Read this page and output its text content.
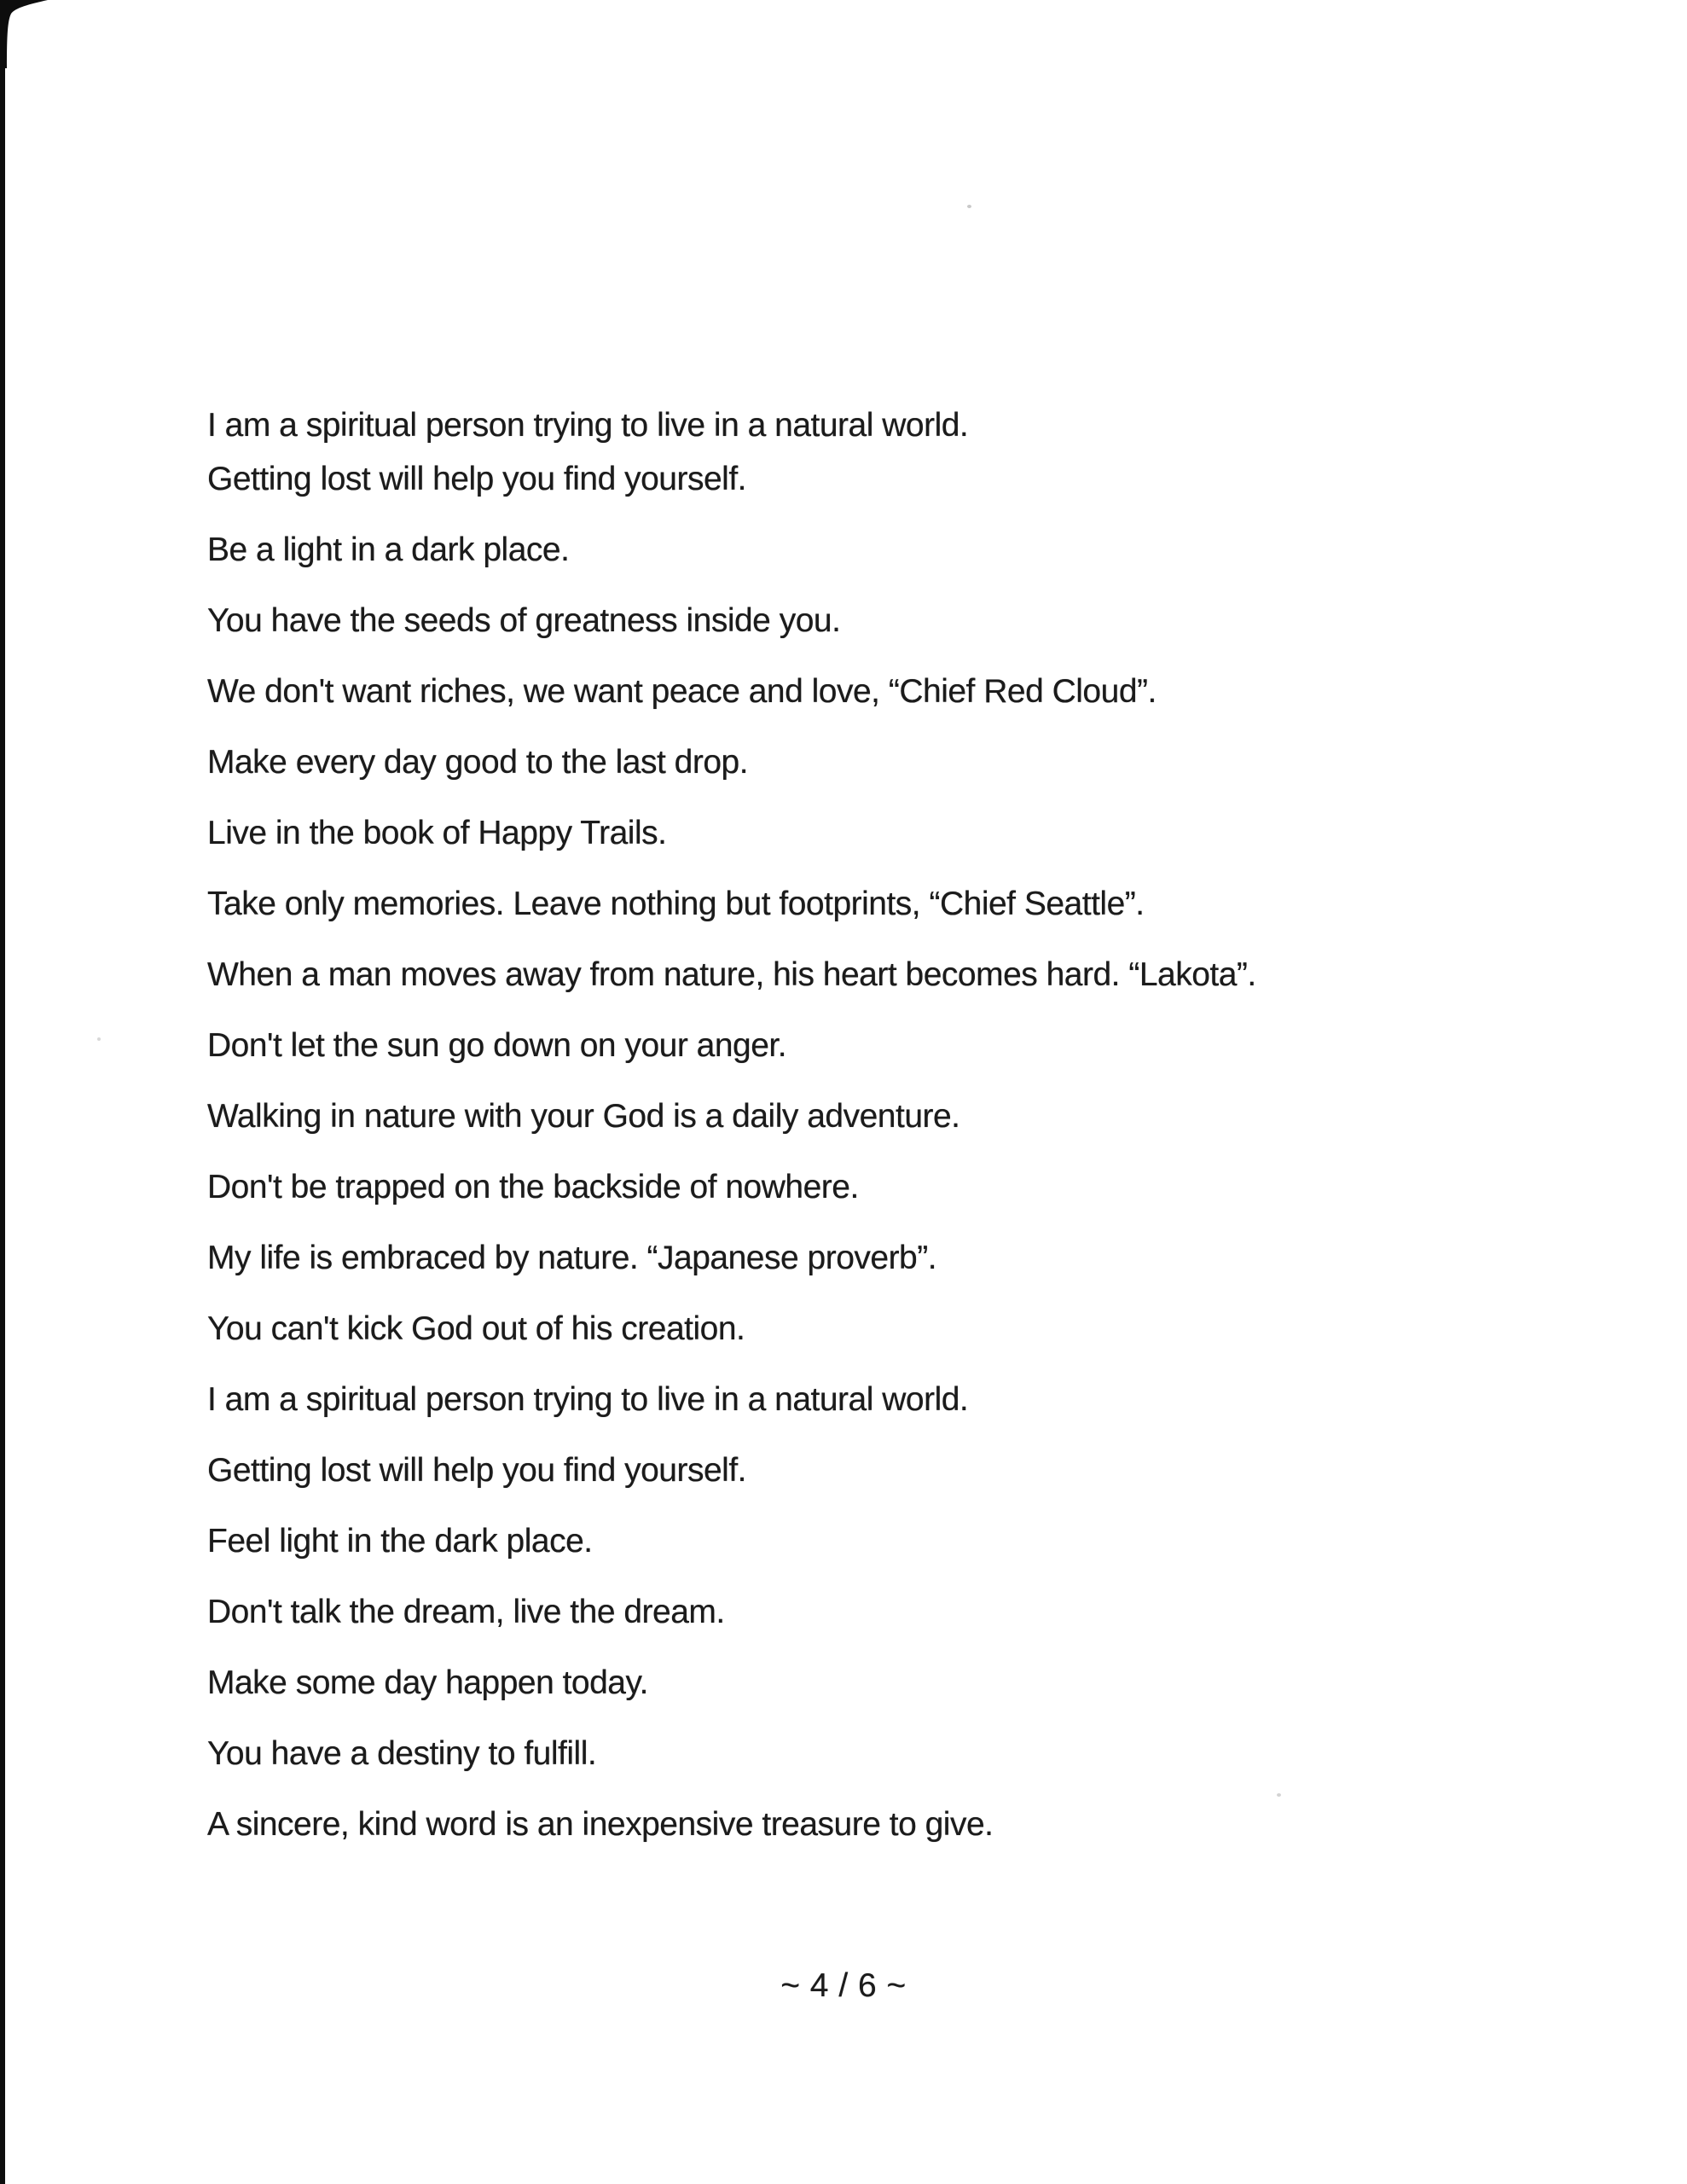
I am a spiritual person trying to live in a natural world.

Getting lost will help you find yourself.

Be a light in a dark place.

You have the seeds of greatness inside you.

We don't want riches, we want peace and love, “Chief Red Cloud”.

Make every day good to the last drop.

Live in the book of Happy Trails.

Take only memories. Leave nothing but footprints, “Chief Seattle”.

When a man moves away from nature, his heart becomes hard. “Lakota”.

Don't let the sun go down on your anger.

Walking in nature with your God is a daily adventure.

Don't be trapped on the backside of nowhere.

My life is embraced by nature. “Japanese proverb”.

You can't kick God out of his creation.

I am a spiritual person trying to live in a natural world.

Getting lost will help you find yourself.

Feel light in the dark place.

Don't talk the dream, live the dream.

Make some day happen today.

You have a destiny to fulfill.

A sincere, kind word is an inexpensive treasure to give.

~ 4 / 6 ~
